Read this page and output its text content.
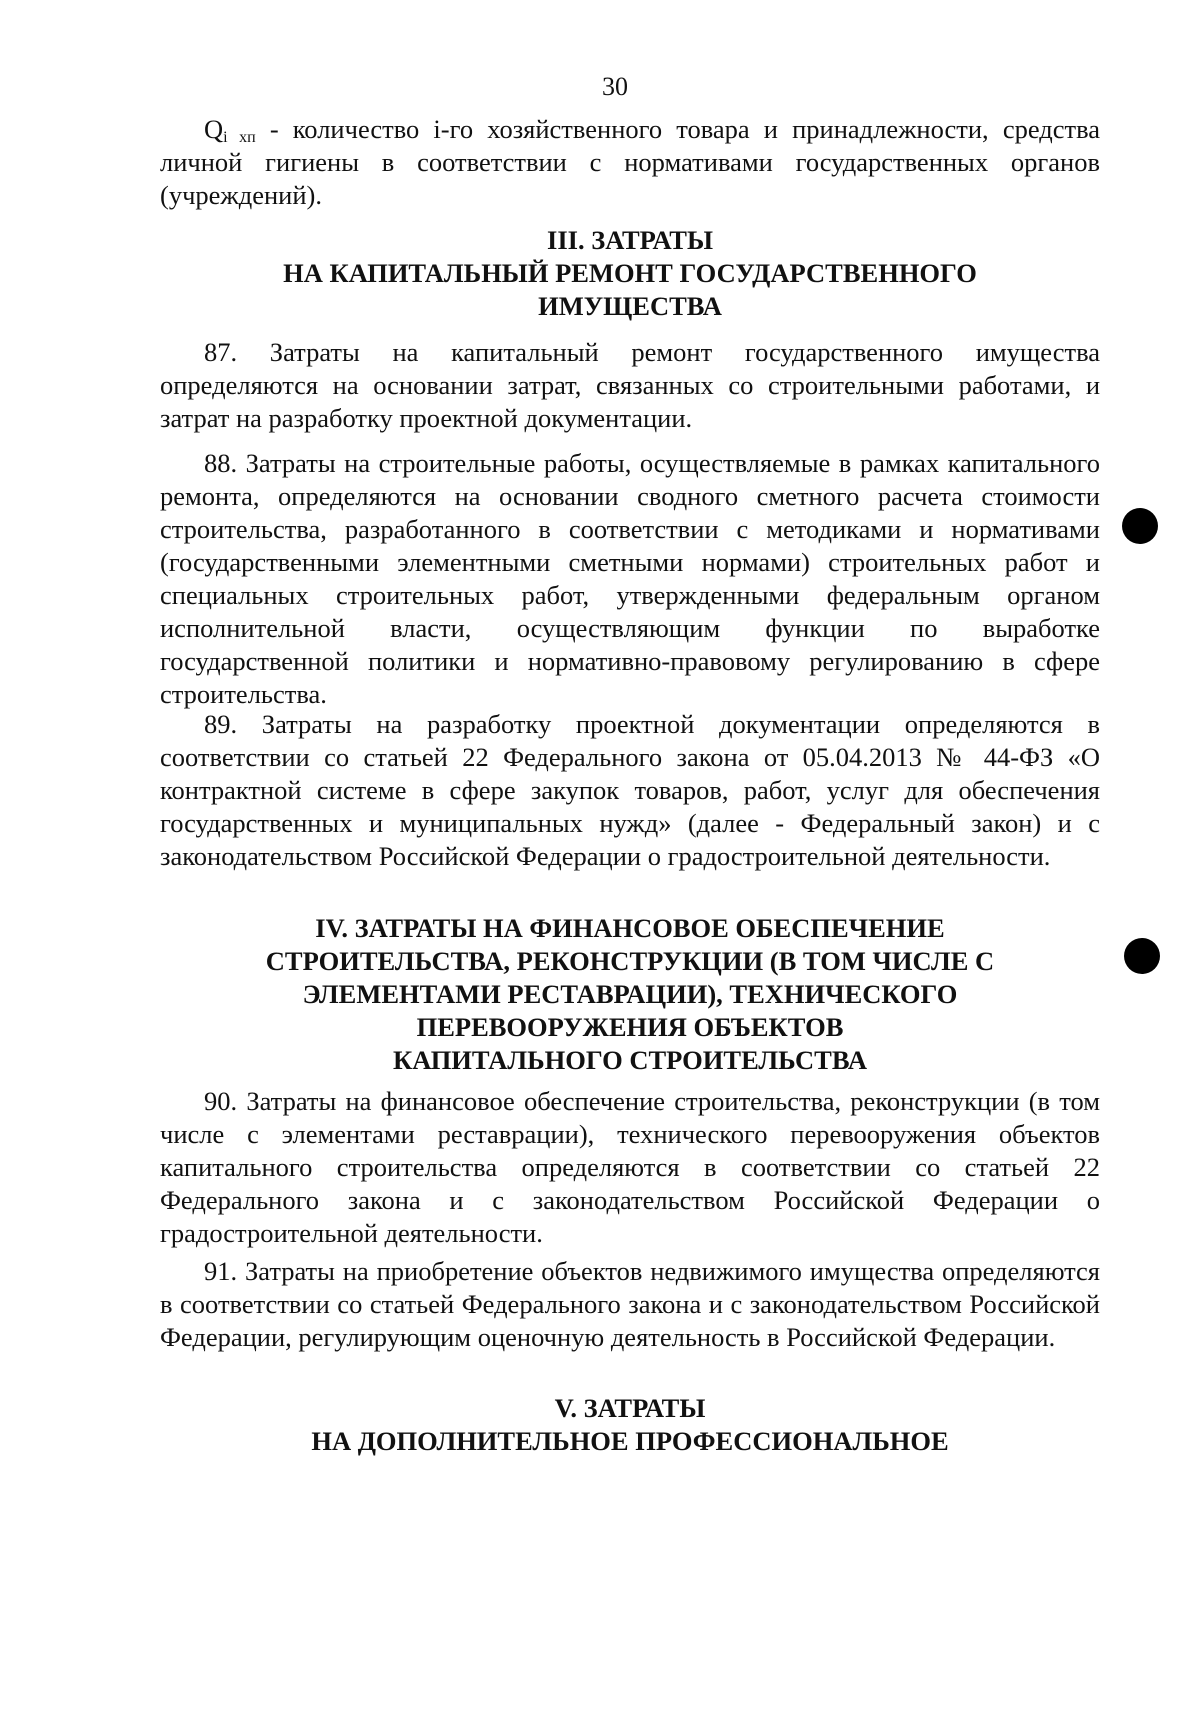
30

$Q_{i хп}$ - количество i-го хозяйственного товара и принадлежности, средства личной гигиены в соответствии с нормативами государственных органов (учреждений).

III. ЗАТРАТЫ
НА КАПИТАЛЬНЫЙ РЕМОНТ ГОСУДАРСТВЕННОГО
ИМУЩЕСТВА

87. Затраты на капитальный ремонт государственного имущества определяются на основании затрат, связанных со строительными работами, и затрат на разработку проектной документации.

88. Затраты на строительные работы, осуществляемые в рамках капитального ремонта, определяются на основании сводного сметного расчета стоимости строительства, разработанного в соответствии с методиками и нормативами (государственными элементными сметными нормами) строительных работ и специальных строительных работ, утвержденными федеральным органом исполнительной власти, осуществляющим функции по выработке государственной политики и нормативно-правовому регулированию в сфере строительства.

89. Затраты на разработку проектной документации определяются в соответствии со статьей 22 Федерального закона от 05.04.2013 № 44-ФЗ «О контрактной системе в сфере закупок товаров, работ, услуг для обеспечения государственных и муниципальных нужд» (далее - Федеральный закон) и с законодательством Российской Федерации о градостроительной деятельности.

IV. ЗАТРАТЫ НА ФИНАНСОВОЕ ОБЕСПЕЧЕНИЕ
СТРОИТЕЛЬСТВА, РЕКОНСТРУКЦИИ (В ТОМ ЧИСЛЕ С
ЭЛЕМЕНТАМИ РЕСТАВРАЦИИ), ТЕХНИЧЕСКОГО
ПЕРЕВООРУЖЕНИЯ ОБЪЕКТОВ
КАПИТАЛЬНОГО СТРОИТЕЛЬСТВА

90. Затраты на финансовое обеспечение строительства, реконструкции (в том числе с элементами реставрации), технического перевооружения объектов капитального строительства определяются в соответствии со статьей 22 Федерального закона и с законодательством Российской Федерации о градостроительной деятельности.

91. Затраты на приобретение объектов недвижимого имущества определяются в соответствии со статьей Федерального закона и с законодательством Российской Федерации, регулирующим оценочную деятельность в Российской Федерации.

V. ЗАТРАТЫ
НА ДОПОЛНИТЕЛЬНОЕ ПРОФЕССИОНАЛЬНОЕ
